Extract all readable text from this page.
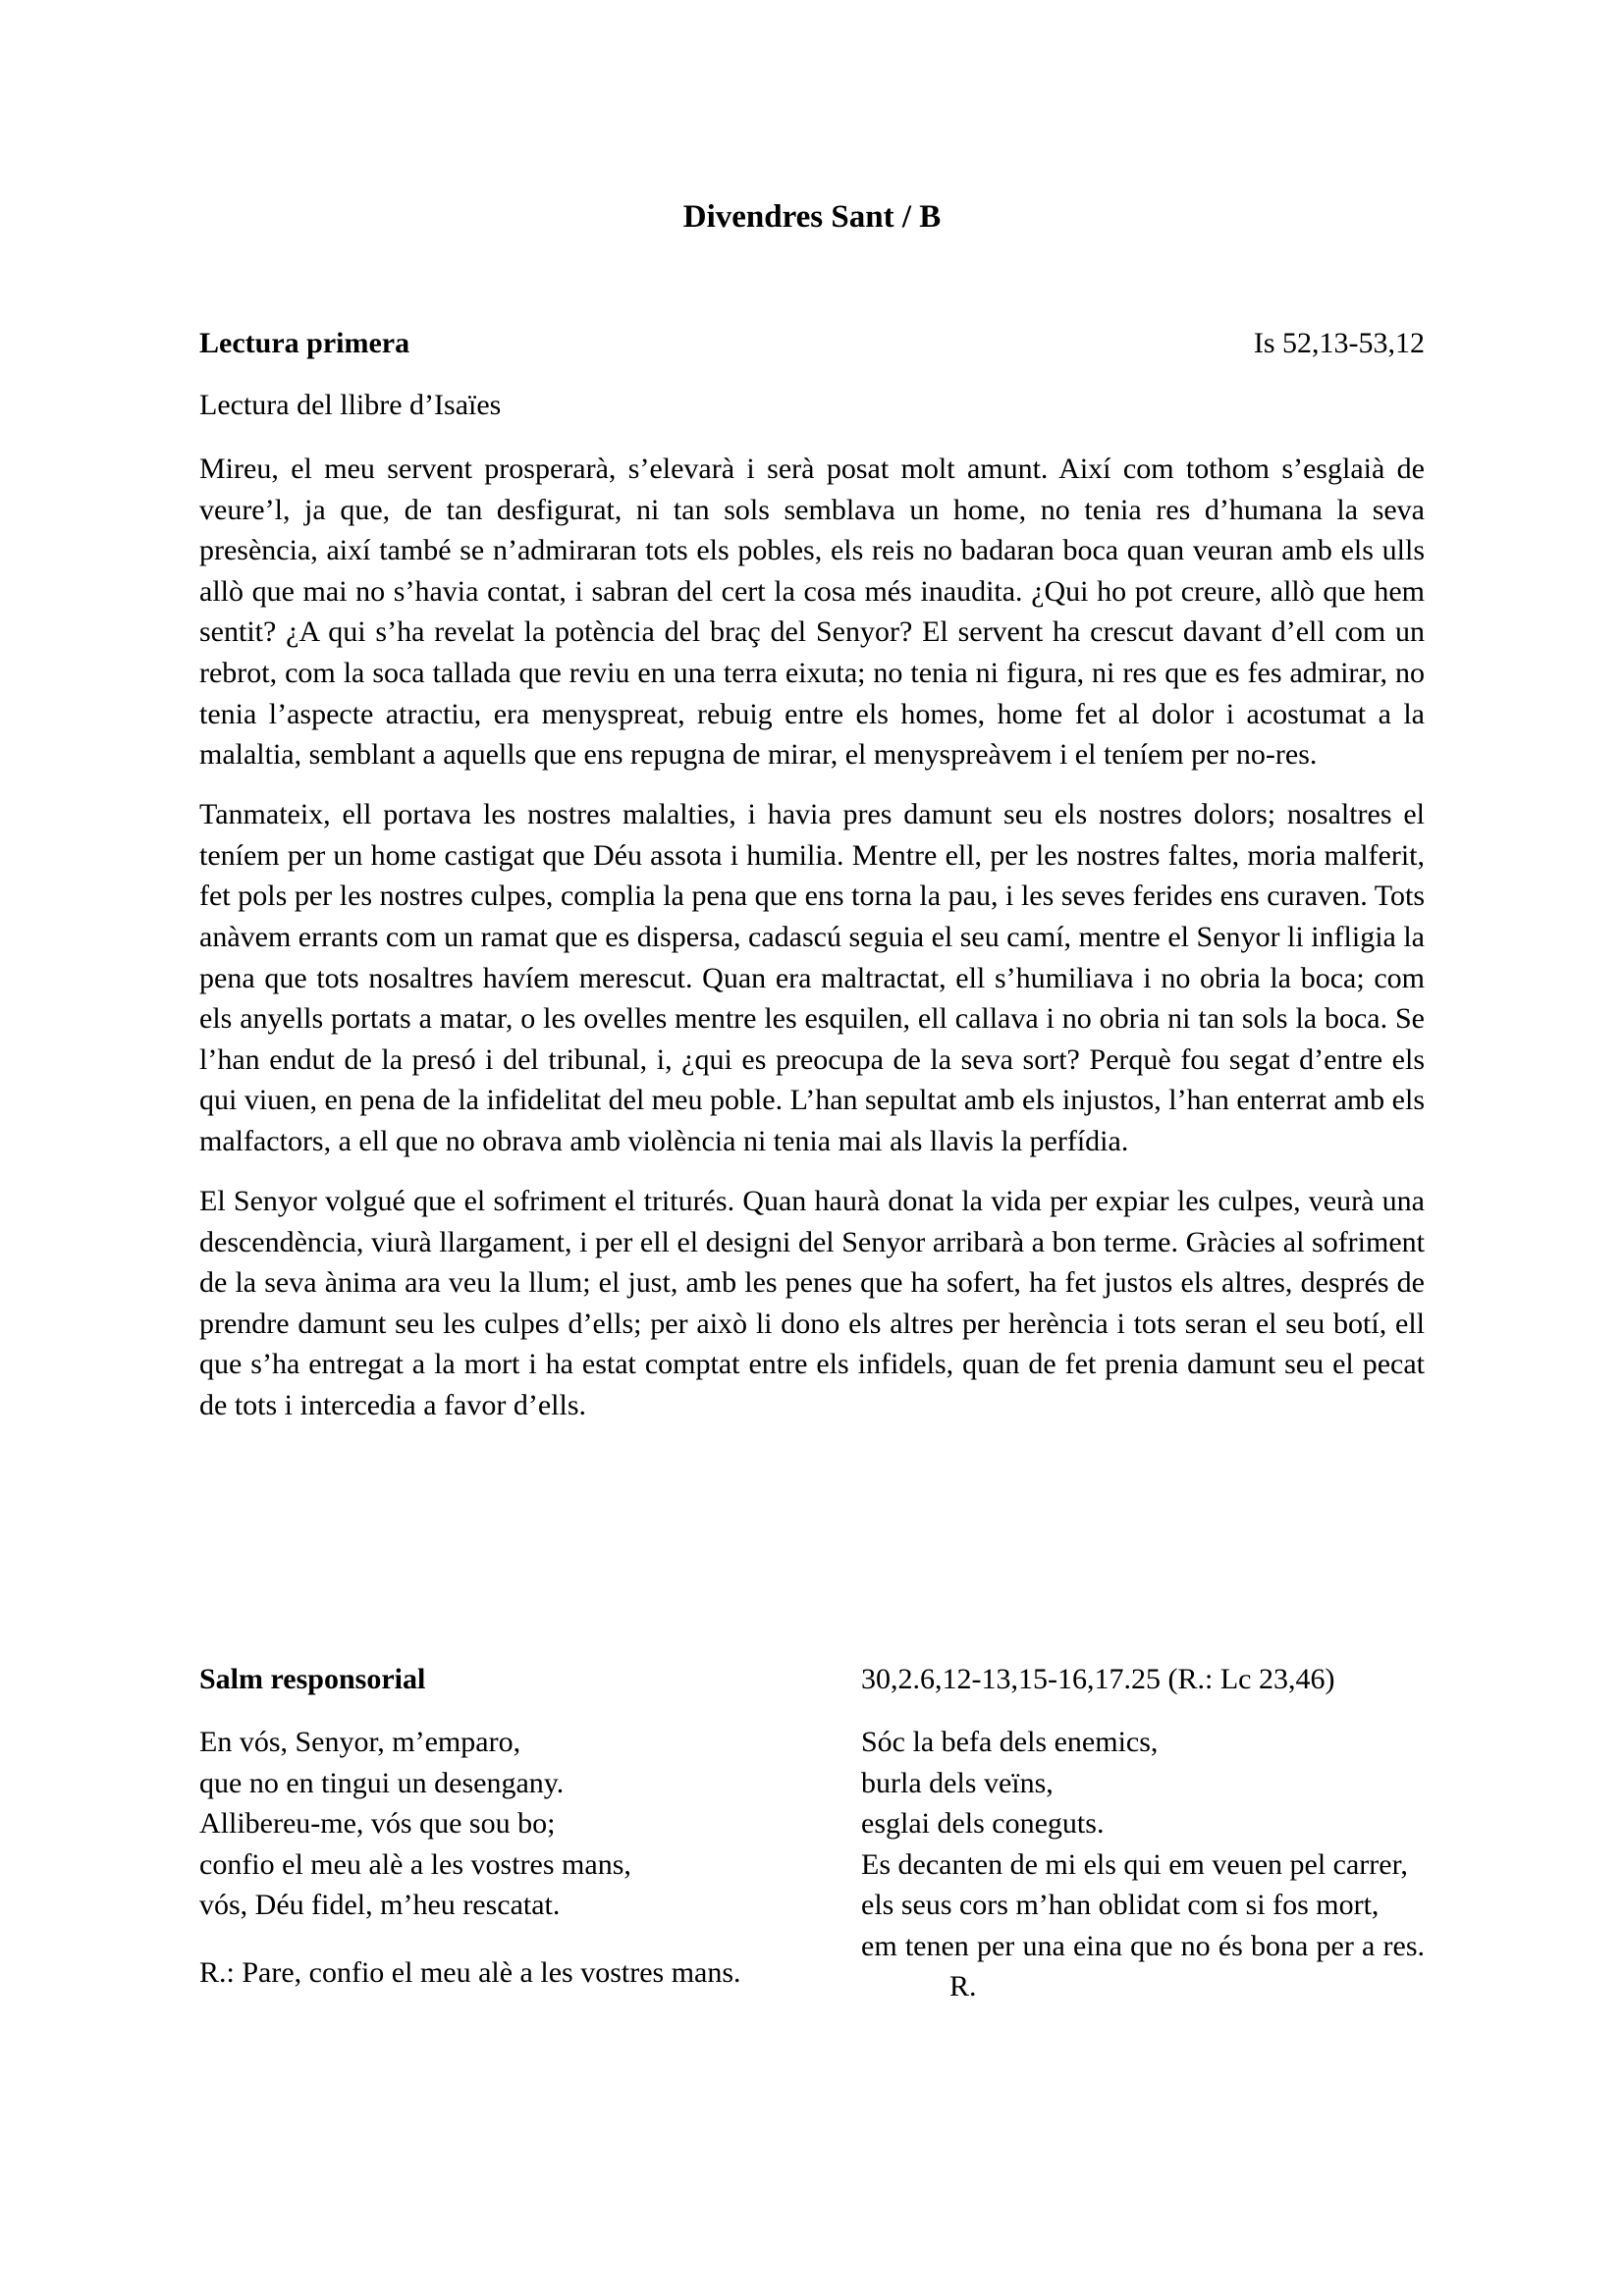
Divendres Sant / B
Lectura primera	Is 52,13-53,12
Lectura del llibre d’Isaïes

Mireu, el meu servent prosperarà, s’elevarà i serà posat molt amunt. Així com tothom s’esglaià de veure’l, ja que, de tan desfigurat, ni tan sols semblava un home, no tenia res d’humana la seva presència, així també se n’admiraran tots els pobles, els reis no badaran boca quan veuran amb els ulls allò que mai no s’havia contat, i sabran del cert la cosa més inaudita. ¿Qui ho pot creure, allò que hem sentit? ¿A qui s’ha revelat la potència del braç del Senyor? El servent ha crescut davant d’ell com un rebrot, com la soca tallada que reviu en una terra eixuta; no tenia ni figura, ni res que es fes admirar, no tenia l’aspecte atractiu, era menyspreat, rebuig entre els homes, home fet al dolor i acostumat a la malaltia, semblant a aquells que ens repugna de mirar, el menyspreàvem i el teníem per no-res.

Tanmateix, ell portava les nostres malalties, i havia pres damunt seu els nostres dolors; nosaltres el teníem per un home castigat que Déu assota i humilia. Mentre ell, per les nostres faltes, moria malferit, fet pols per les nostres culpes, complia la pena que ens torna la pau, i les seves ferides ens curaven. Tots anàvem errants com un ramat que es dispersa, cadascú seguia el seu camí, mentre el Senyor li infligia la pena que tots nosaltres havíem merescut. Quan era maltractat, ell s’humiliava i no obria la boca; com els anyells portats a matar, o les ovelles mentre les esquilen, ell callava i no obria ni tan sols la boca. Se l’han endut de la presó i del tribunal, i, ¿qui es preocupa de la seva sort? Perquè fou segat d’entre els qui viuen, en pena de la infidelitat del meu poble. L’han sepultat amb els injustos, l’han enterrat amb els malfactors, a ell que no obrava amb violència ni tenia mai als llavis la perfídia.

El Senyor volgué que el sofriment el triturés. Quan haurà donat la vida per expiar les culpes, veurà una descendència, viurà llargament, i per ell el designi del Senyor arribarà a bon terme. Gràcies al sofriment de la seva ànima ara veu la llum; el just, amb les penes que ha sofert, ha fet justos els altres, després de prendre damunt seu les culpes d’ells; per això li dono els altres per herència i tots seran el seu botí, ell que s’ha entregat a la mort i ha estat comptat entre els infidels, quan de fet prenia damunt seu el pecat de tots i intercedia a favor d’ells.

Salm responsorial	30,2.6,12-13,15-16,17.25 (R.: Lc 23,46)
En vós, Senyor, m’emparo,
que no en tingui un desengany.
Allibereu-me, vós que sou bo;
confio el meu alè a les vostres mans,
vós, Déu fidel, m’heu rescatat.
R.: Pare, confio el meu alè a les vostres mans.
Sóc la befa dels enemics,
burla dels veïns,
esglai dels coneguts.
Es decanten de mi els qui em veuen pel carrer,
els seus cors m’han oblidat com si fos mort,
em tenen per una eina que no és bona per a res. R.
